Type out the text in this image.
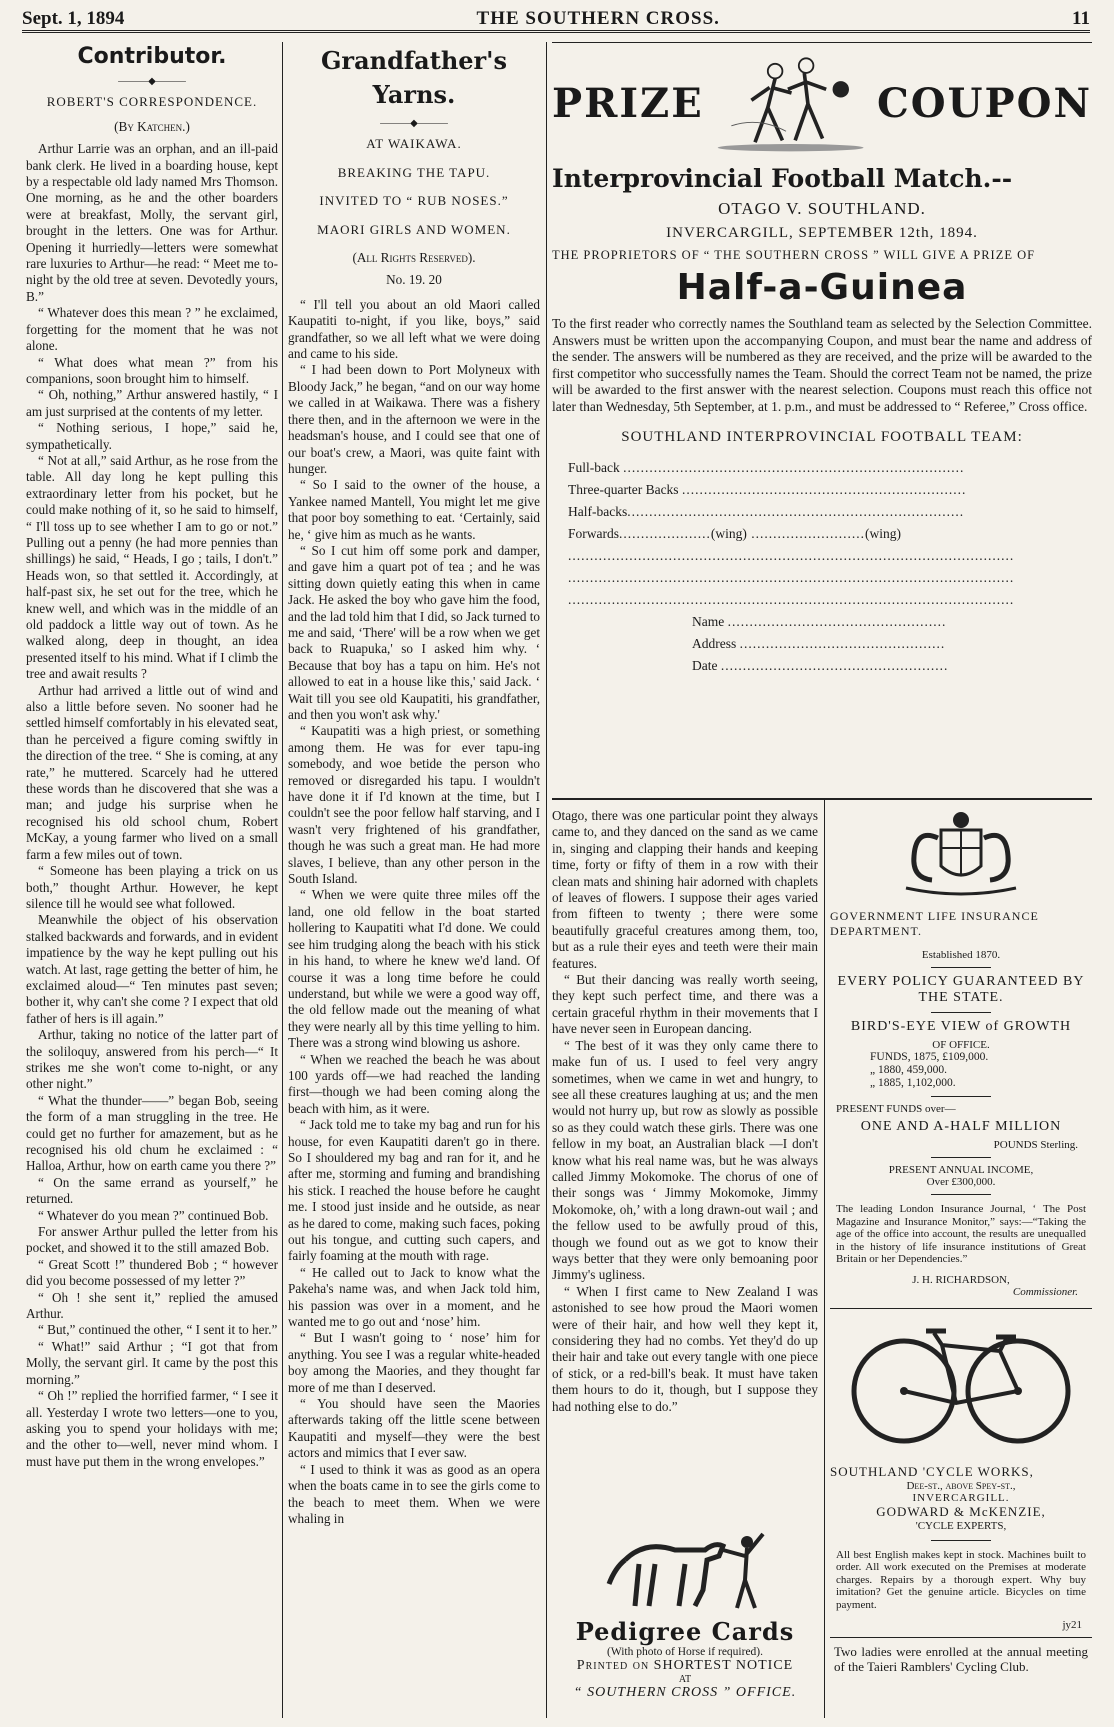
Sept. 1, 1894	THE SOUTHERN CROSS.	11
Contributor.
———◆———
ROBERT'S CORRESPONDENCE.
(By Katchen.)

Arthur Larrie was an orphan, and an ill-paid bank clerk. He lived in a boarding house, kept by a respectable old lady named Mrs Thomson. One morning, as he and the other boarders were at breakfast, Molly, the servant girl, brought in the letters. One was for Arthur. Opening it hurriedly—letters were somewhat rare luxuries to Arthur—he read: “ Meet me to-night by the old tree at seven. Devotedly yours, B.”

“ Whatever does this mean ? ” he exclaimed, forgetting for the moment that he was not alone.

“ What does what mean ?” from his companions, soon brought him to himself.

“ Oh, nothing,” Arthur answered hastily, “ I am just surprised at the contents of my letter.

“ Nothing serious, I hope,” said he, sympathetically.

“ Not at all,” said Arthur, as he rose from the table. All day long he kept pulling this extraordinary letter from his pocket, but he could make nothing of it, so he said to himself, “ I'll toss up to see whether I am to go or not.” Pulling out a penny (he had more pennies than shillings) he said, “ Heads, I go ; tails, I don't.” Heads won, so that settled it. Accordingly, at half-past six, he set out for the tree, which he knew well, and which was in the middle of an old paddock a little way out of town. As he walked along, deep in thought, an idea presented itself to his mind. What if I climb the tree and await results ?

Arthur had arrived a little out of wind and also a little before seven. No sooner had he settled himself comfortably in his elevated seat, than he perceived a figure coming swiftly in the direction of the tree. “ She is coming, at any rate,” he muttered. Scarcely had he uttered these words than he discovered that she was a man; and judge his surprise when he recognised his old school chum, Robert McKay, a young farmer who lived on a small farm a few miles out of town.

“ Someone has been playing a trick on us both,” thought Arthur. However, he kept silence till he would see what followed.

Meanwhile the object of his observation stalked backwards and forwards, and in evident impatience by the way he kept pulling out his watch. At last, rage getting the better of him, he exclaimed aloud—“ Ten minutes past seven; bother it, why can't she come ? I expect that old father of hers is ill again.”

Arthur, taking no notice of the latter part of the soliloquy, answered from his perch—“ It strikes me she won't come to-night, or any other night.”

“ What the thunder——” began Bob, seeing the form of a man struggling in the tree. He could get no further for amazement, but as he recognised his old chum he exclaimed : “ Halloa, Arthur, how on earth came you there ?”

“ On the same errand as yourself,” he returned.

“ Whatever do you mean ?” continued Bob.

For answer Arthur pulled the letter from his pocket, and showed it to the still amazed Bob.

“ Great Scott !” thundered Bob ; “ however did you become possessed of my letter ?”

“ Oh ! she sent it,” replied the amused Arthur.

“ But,” continued the other, “ I sent it to her.”

“ What!” said Arthur ; “I got that from Molly, the servant girl. It came by the post this morning.”

“ Oh !” replied the horrified farmer, “ I see it all. Yesterday I wrote two letters—one to you, asking you to spend your holidays with me; and the other to—well, never mind whom. I must have put them in the wrong envelopes.”

Grandfather's
Yarns.
———◆———
AT WAIKAWA.
BREAKING THE TAPU.
INVITED TO “ RUB NOSES.”
MAORI GIRLS AND WOMEN.
(All Rights Reserved).
No. 19. 20

“ I'll tell you about an old Maori called Kaupatiti to-night, if you like, boys,” said grandfather, so we all left what we were doing and came to his side.

“ I had been down to Port Molyneux with Bloody Jack,” he began, “and on our way home we called in at Waikawa. There was a fishery there then, and in the afternoon we were in the headsman's house, and I could see that one of our boat's crew, a Maori, was quite faint with hunger.

“ So I said to the owner of the house, a Yankee named Mantell, You might let me give that poor boy something to eat. ‘Certainly, said he, ‘ give him as much as he wants.

“ So I cut him off some pork and damper, and gave him a quart pot of tea ; and he was sitting down quietly eating this when in came Jack. He asked the boy who gave him the food, and the lad told him that I did, so Jack turned to me and said, ‘There' will be a row when we get back to Ruapuka,' so I asked him why. ‘ Because that boy has a tapu on him. He's not allowed to eat in a house like this,' said Jack. ‘ Wait till you see old Kaupatiti, his grandfather, and then you won't ask why.'

“ Kaupatiti was a high priest, or something among them. He was for ever tapu-ing somebody, and woe betide the person who removed or disregarded his tapu. I wouldn't have done it if I'd known at the time, but I couldn't see the poor fellow half starving, and I wasn't very frightened of his grandfather, though he was such a great man. He had more slaves, I believe, than any other person in the South Island.

“ When we were quite three miles off the land, one old fellow in the boat started hollering to Kaupatiti what I'd done. We could see him trudging along the beach with his stick in his hand, to where he knew we'd land. Of course it was a long time before he could understand, but while we were a good way off, the old fellow made out the meaning of what they were nearly all by this time yelling to him. There was a strong wind blowing us ashore.

“ When we reached the beach he was about 100 yards off—we had reached the landing first—though we had been coming along the beach with him, as it were.

“ Jack told me to take my bag and run for his house, for even Kaupatiti daren't go in there. So I shouldered my bag and ran for it, and he after me, storming and fuming and brandishing his stick. I reached the house before he caught me. I stood just inside and he outside, as near as he dared to come, making such faces, poking out his tongue, and cutting such capers, and fairly foaming at the mouth with rage.

“ He called out to Jack to know what the Pakeha's name was, and when Jack told him, his passion was over in a moment, and he wanted me to go out and ‘nose’ him.

“ But I wasn't going to ‘ nose’ him for anything. You see I was a regular white-headed boy among the Maories, and they thought far more of me than I deserved.

“ You should have seen the Maories afterwards taking off the little scene between Kaupatiti and myself—they were the best actors and mimics that I ever saw.

“ I used to think it was as good as an opera when the boats came in to see the girls come to the beach to meet them. When we were whaling in

PRIZE	COUPON
Interprovincial Football Match.--
OTAGO V. SOUTHLAND.
INVERCARGILL, SEPTEMBER 12th, 1894.
THE PROPRIETORS OF “ THE SOUTHERN CROSS ” WILL GIVE A PRIZE OF
Half-a-Guinea
To the first reader who correctly names the Southland team as selected by the Selection Committee. Answers must be written upon the accompanying Coupon, and must bear the name and address of the sender. The answers will be numbered as they are received, and the prize will be awarded to the first competitor who successfully names the Team. Should the correct Team not be named, the prize will be awarded to the first answer with the nearest selection. Coupons must reach this office not later than Wednesday, 5th September, at 1. p.m., and must be addressed to “ Referee,” Cross office.
SOUTHLAND INTERPROVINCIAL FOOTBALL TEAM:
Full-back ..............................................................................
Three-quarter Backs .................................................................
Half-backs.............................................................................
Forwards.....................(wing) ..........................(wing)
......................................................................................................
......................................................................................................
......................................................................................................
Name ..................................................
Address ...............................................
Date ....................................................

Otago, there was one particular point they always came to, and they danced on the sand as we came in, singing and clapping their hands and keeping time, forty or fifty of them in a row with their clean mats and shining hair adorned with chaplets of leaves of flowers. I suppose their ages varied from fifteen to twenty ; there were some beautifully graceful creatures among them, too, but as a rule their eyes and teeth were their main features.

“ But their dancing was really worth seeing, they kept such perfect time, and there was a certain graceful rhythm in their movements that I have never seen in European dancing.

“ The best of it was they only came there to make fun of us. I used to feel very angry sometimes, when we came in wet and hungry, to see all these creatures laughing at us; and the men would not hurry up, but row as slowly as possible so as they could watch these girls. There was one fellow in my boat, an Australian black —I don't know what his real name was, but he was always called Jimmy Mokomoke. The chorus of one of their songs was ‘ Jimmy Mokomoke, Jimmy Mokomoke, oh,’ with a long drawn-out wail ; and the fellow used to be awfully proud of this, though we found out as we got to know their ways better that they were only bemoaning poor Jimmy's ugliness.

“ When I first came to New Zealand I was astonished to see how proud the Maori women were of their hair, and how well they kept it, considering they had no combs. Yet they'd do up their hair and take out every tangle with one piece of stick, or a red-bill's beak. It must have taken them hours to do it, though, but I suppose they had nothing else to do.”

Pedigree Cards
(With photo of Horse if required).
Printed on SHORTEST NOTICE
AT
“ SOUTHERN CROSS ” OFFICE.
GOVERNMENT LIFE INSURANCE DEPARTMENT.
Established 1870.
EVERY POLICY GUARANTEED BY THE STATE.
BIRD'S-EYE VIEW of GROWTH
OF OFFICE.
FUNDS, 1875, £109,000.
„ 1880, 459,000.
„ 1885, 1,102,000.
PRESENT FUNDS over—
ONE AND A-HALF MILLION
POUNDS Sterling.
PRESENT ANNUAL INCOME,
Over £300,000.
The leading London Insurance Journal, ‘ The Post Magazine and Insurance Monitor,” says:—“Taking the age of the office into account, the results are unequalled in the history of life insurance institutions of Great Britain or her Dependencies.”
J. H. RICHARDSON,
Commissioner.
SOUTHLAND 'CYCLE WORKS,
Dee-st., above Spey-st.,
INVERCARGILL.
GODWARD & McKENZIE,
'CYCLE EXPERTS,
All best English makes kept in stock. Machines built to order. All work executed on the Premises at moderate charges. Repairs by a thorough expert. Why buy imitation? Get the genuine article. Bicycles on time payment.
jy21
Two ladies were enrolled at the annual meeting of the Taieri Ramblers' Cycling Club.
